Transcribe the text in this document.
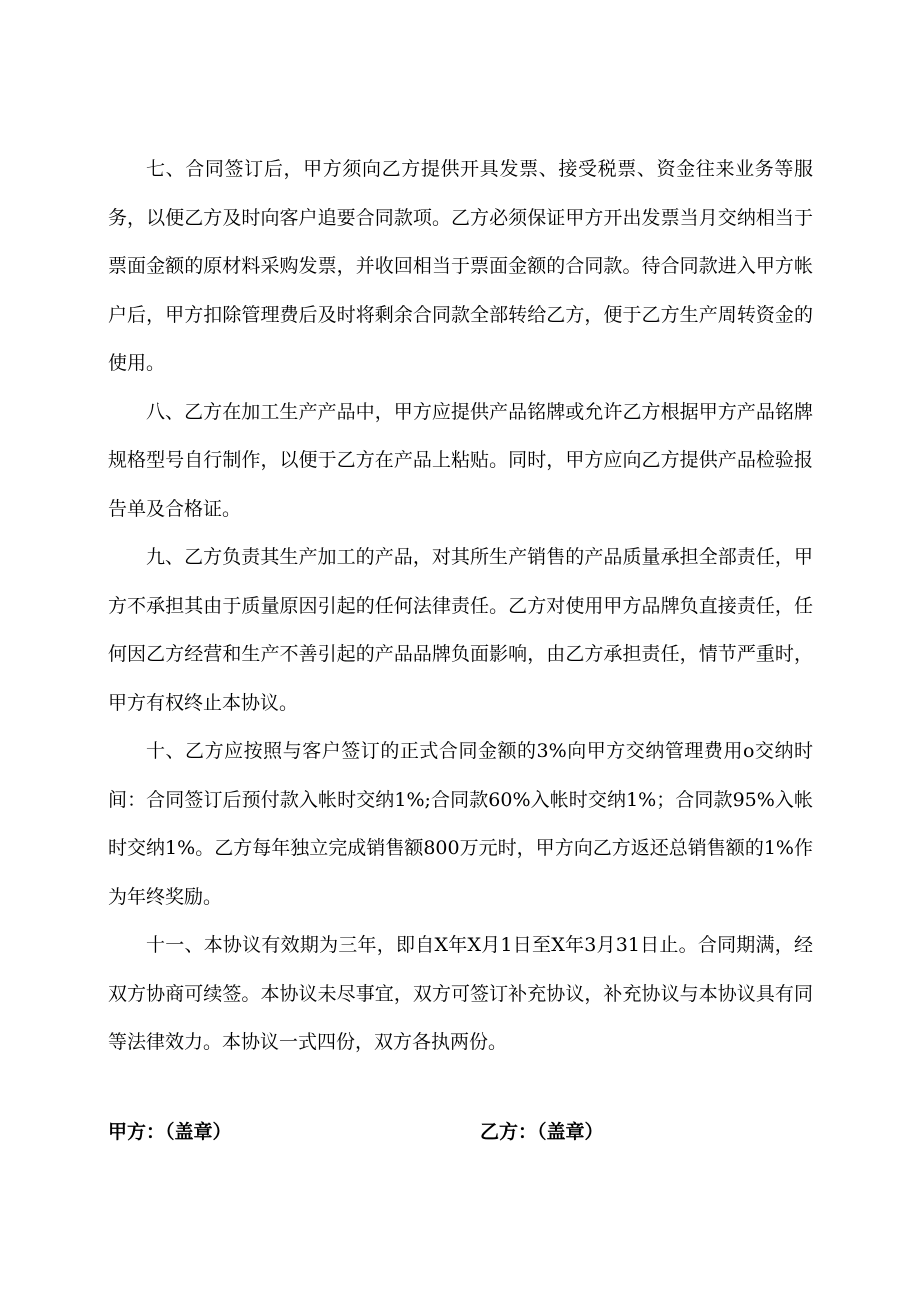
七、合同签订后，甲方须向乙方提供开具发票、接受税票、资金往来业务等服务，以便乙方及时向客户追要合同款项。乙方必须保证甲方开出发票当月交纳相当于票面金额的原材料采购发票，并收回相当于票面金额的合同款。待合同款进入甲方帐户后，甲方扣除管理费后及时将剩余合同款全部转给乙方，便于乙方生产周转资金的使用。

八、乙方在加工生产产品中，甲方应提供产品铭牌或允许乙方根据甲方产品铭牌规格型号自行制作，以便于乙方在产品上粘贴。同时，甲方应向乙方提供产品检验报告单及合格证。

九、乙方负责其生产加工的产品，对其所生产销售的产品质量承担全部责任，甲方不承担其由于质量原因引起的任何法律责任。乙方对使用甲方品牌负直接责任，任何因乙方经营和生产不善引起的产品品牌负面影响，由乙方承担责任，情节严重时，甲方有权终止本协议。

十、乙方应按照与客户签订的正式合同金额的3%向甲方交纳管理费用o交纳时间：合同签订后预付款入帐时交纳1%;合同款60%入帐时交纳1%；合同款95%入帐时交纳1%。乙方每年独立完成销售额800万元时，甲方向乙方返还总销售额的1%作为年终奖励。

十一、本协议有效期为三年，即自X年X月1日至X年3月31日止。合同期满，经双方协商可续签。本协议未尽事宜，双方可签订补充协议，补充协议与本协议具有同等法律效力。本协议一式四份，双方各执两份。

甲方：（盖章）	乙方：（盖章）
